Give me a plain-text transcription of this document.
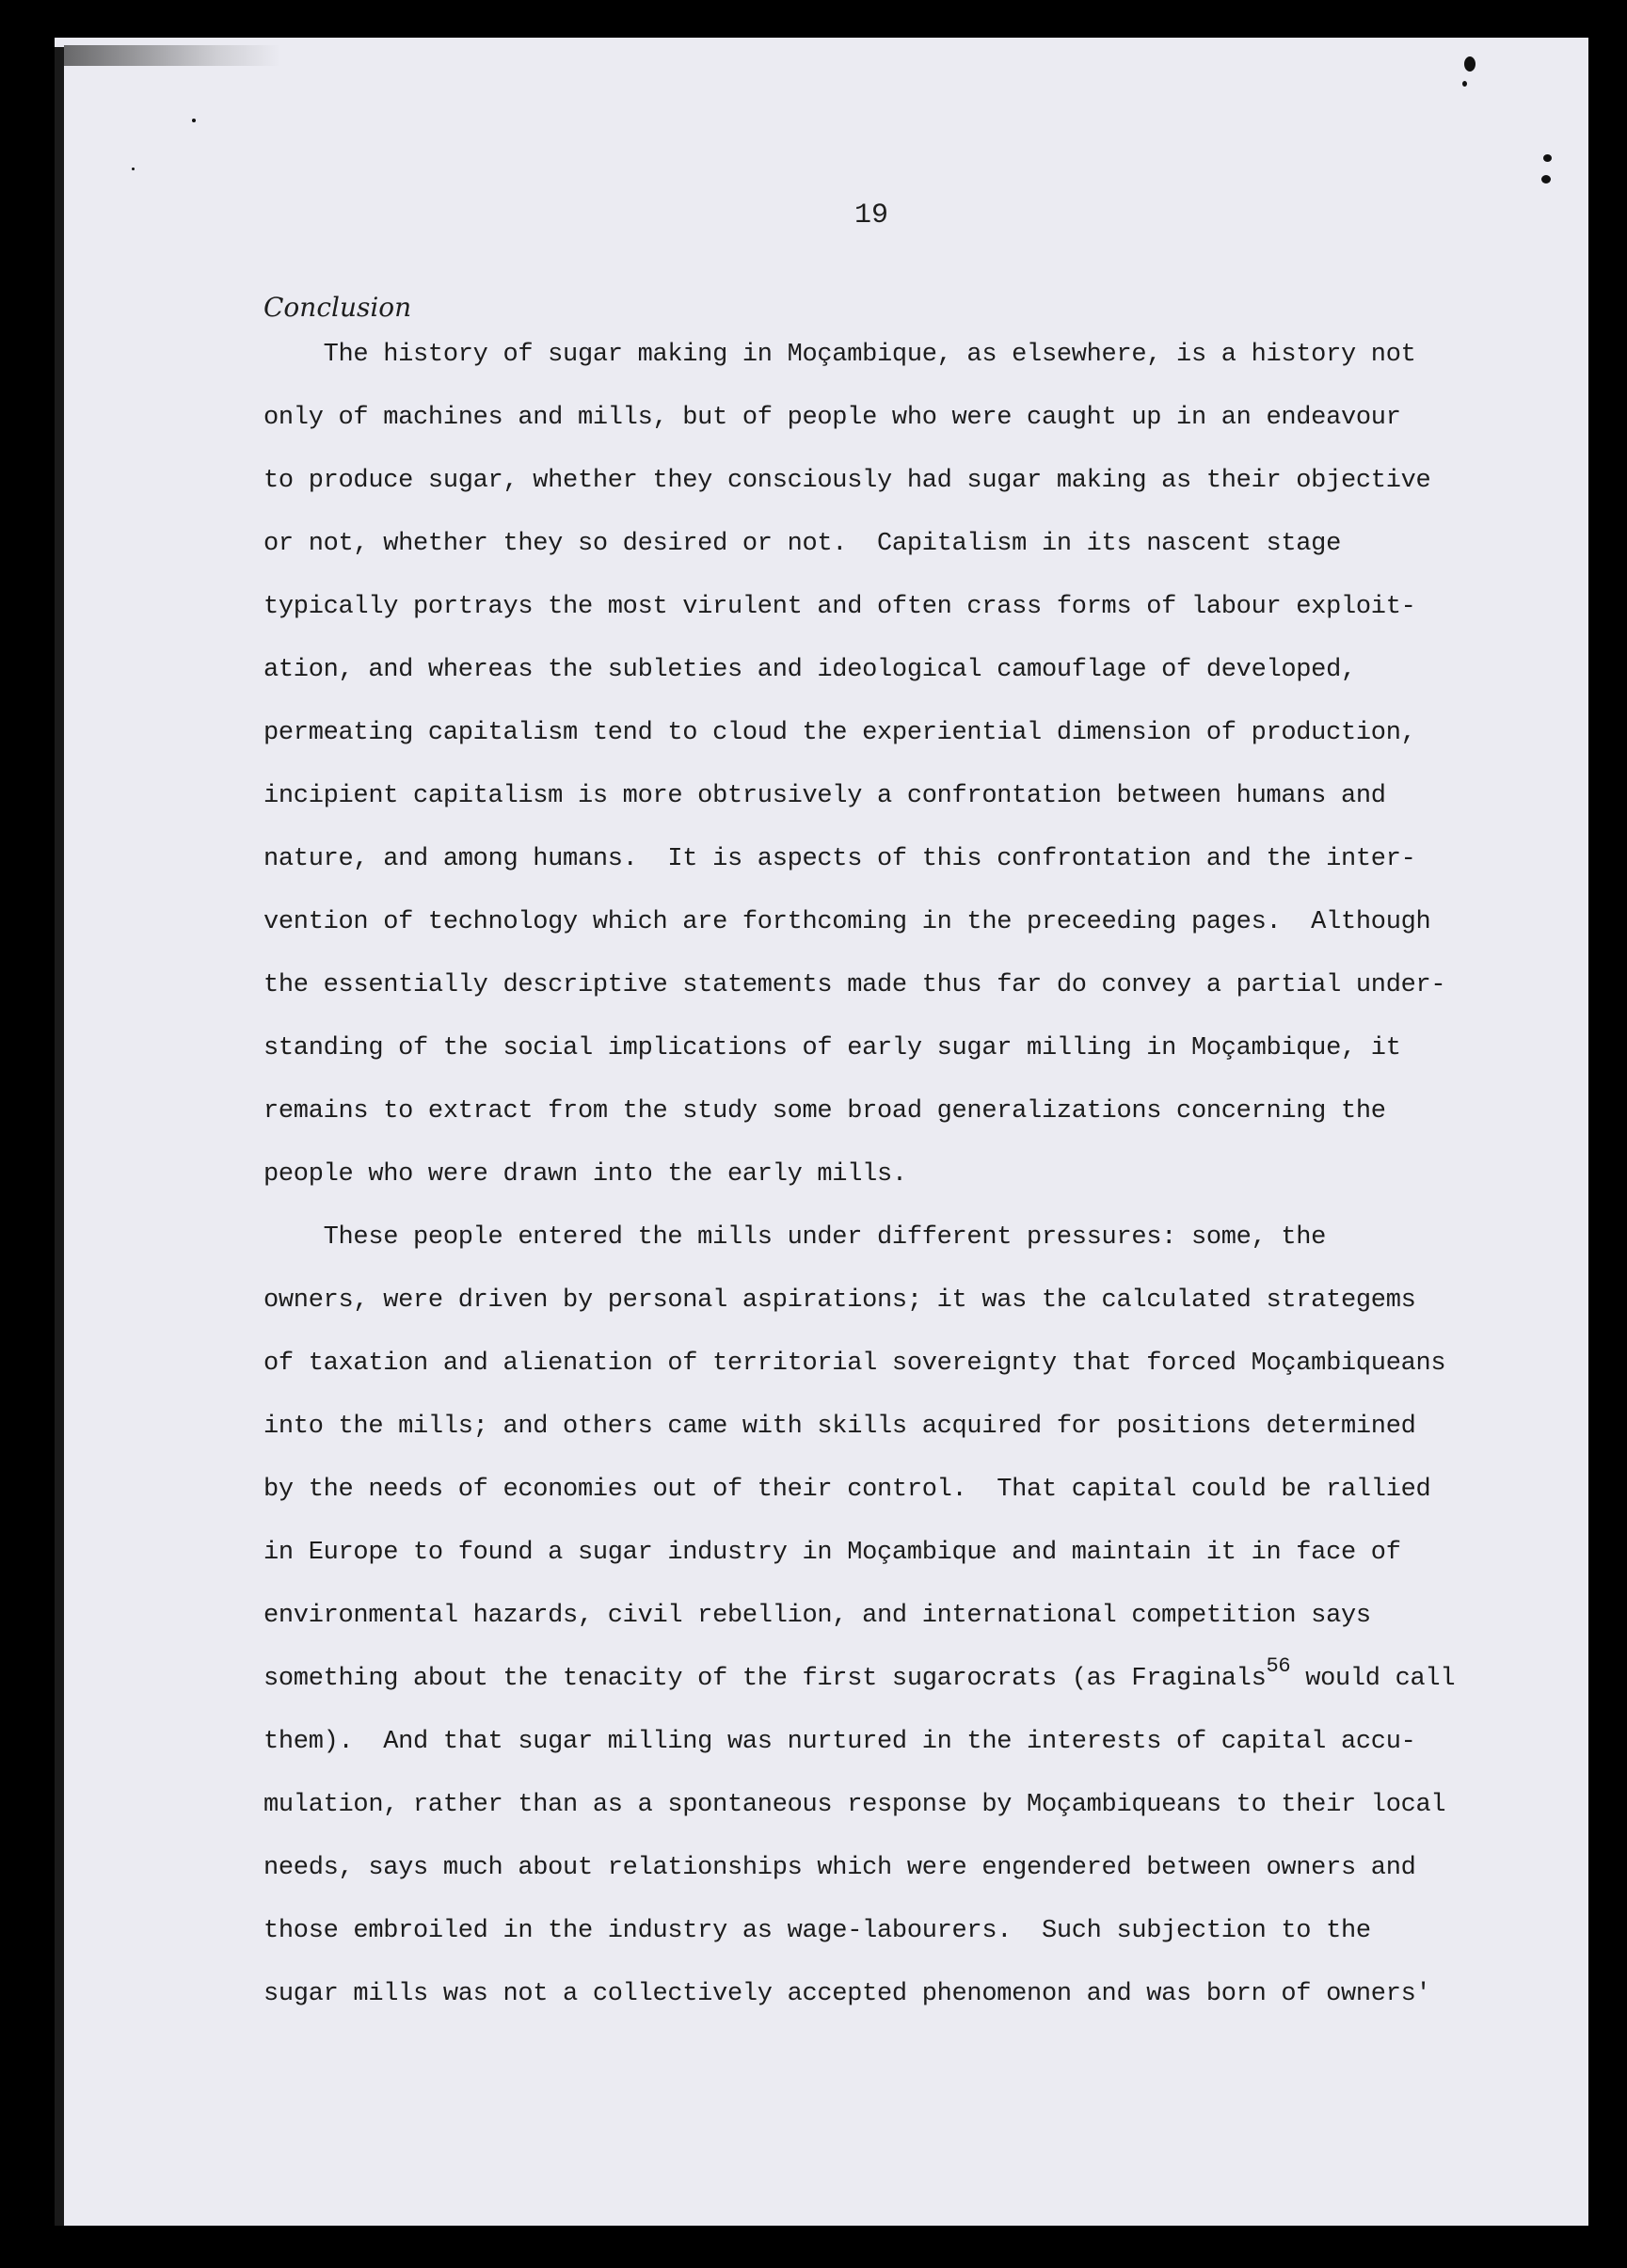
19
Conclusion
The history of sugar making in Moçambique, as elsewhere, is a history not
only of machines and mills, but of people who were caught up in an endeavour
to produce sugar, whether they consciously had sugar making as their objective
or not, whether they so desired or not.  Capitalism in its nascent stage
typically portrays the most virulent and often crass forms of labour exploit-
ation, and whereas the subleties and ideological camouflage of developed,
permeating capitalism tend to cloud the experiential dimension of production,
incipient capitalism is more obtrusively a confrontation between humans and
nature, and among humans.  It is aspects of this confrontation and the inter-
vention of technology which are forthcoming in the preceeding pages.  Although
the essentially descriptive statements made thus far do convey a partial under-
standing of the social implications of early sugar milling in Moçambique, it
remains to extract from the study some broad generalizations concerning the
people who were drawn into the early mills.
These people entered the mills under different pressures: some, the
owners, were driven by personal aspirations; it was the calculated strategems
of taxation and alienation of territorial sovereignty that forced Moçambiqueans
into the mills; and others came with skills acquired for positions determined
by the needs of economies out of their control.  That capital could be rallied
in Europe to found a sugar industry in Moçambique and maintain it in face of
environmental hazards, civil rebellion, and international competition says
something about the tenacity of the first sugarocrats (as Fraginals$^{56}$ would call
them).  And that sugar milling was nurtured in the interests of capital accu-
mulation, rather than as a spontaneous response by Moçambiqueans to their local
needs, says much about relationships which were engendered between owners and
those embroiled in the industry as wage-labourers.  Such subjection to the
sugar mills was not a collectively accepted phenomenon and was born of owners'
